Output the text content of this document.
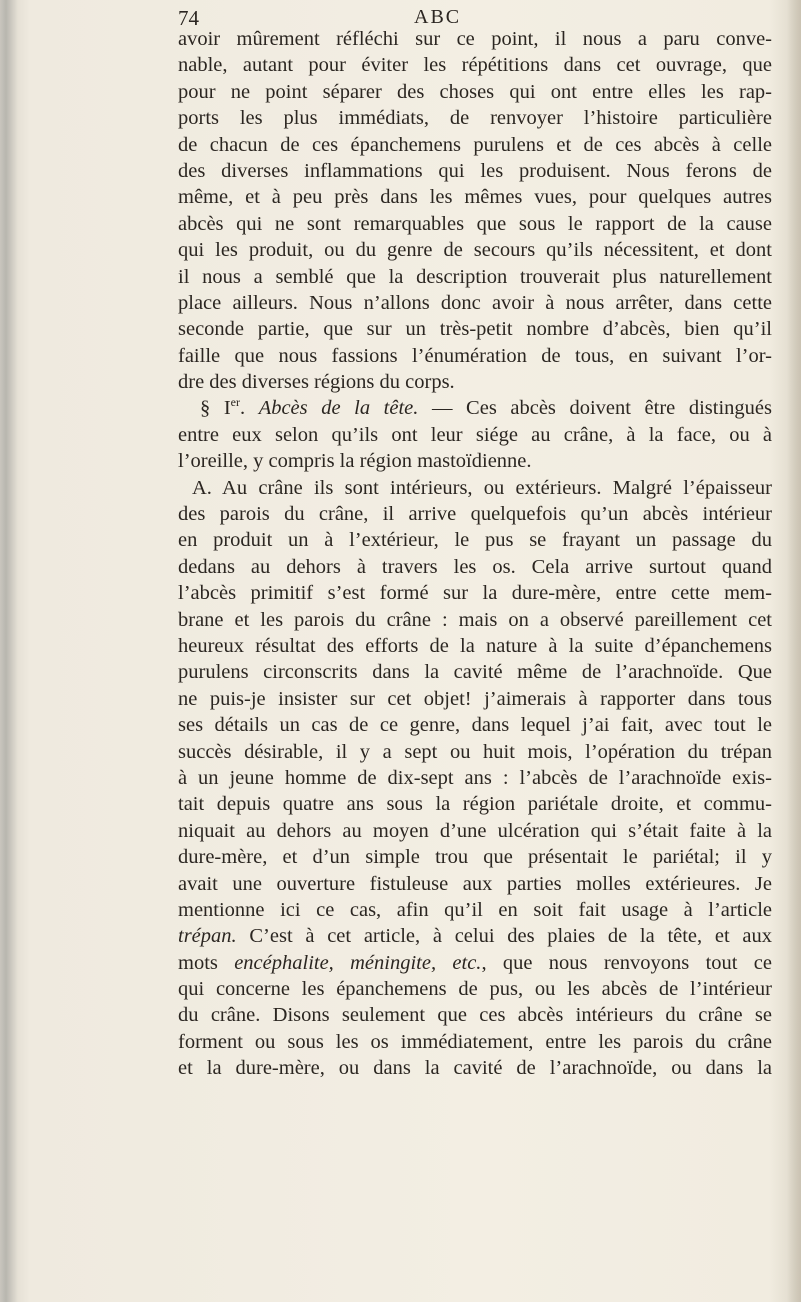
74	ABC
avoir mûrement réfléchi sur ce point, il nous a paru conve-
nable, autant pour éviter les répétitions dans cet ouvrage, que
pour ne point séparer des choses qui ont entre elles les rap-
ports les plus immédiats, de renvoyer l’histoire particulière
de chacun de ces épanchemens purulens et de ces abcès à celle
des diverses inflammations qui les produisent. Nous ferons de
même, et à peu près dans les mêmes vues, pour quelques autres
abcès qui ne sont remarquables que sous le rapport de la cause
qui les produit, ou du genre de secours qu’ils nécessitent, et dont
il nous a semblé que la description trouverait plus naturellement
place ailleurs. Nous n’allons donc avoir à nous arrêter, dans cette
seconde partie, que sur un très-petit nombre d’abcès, bien qu’il
faille que nous fassions l’énumération de tous, en suivant l’or-
dre des diverses régions du corps.
§ Ier. Abcès de la tête. — Ces abcès doivent être distingués
entre eux selon qu’ils ont leur siége au crâne, à la face, ou à
l’oreille, y compris la région mastoïdienne.
A. Au crâne ils sont intérieurs, ou extérieurs. Malgré l’épaisseur
des parois du crâne, il arrive quelquefois qu’un abcès intérieur
en produit un à l’extérieur, le pus se frayant un passage du
dedans au dehors à travers les os. Cela arrive surtout quand
l’abcès primitif s’est formé sur la dure-mère, entre cette mem-
brane et les parois du crâne : mais on a observé pareillement cet
heureux résultat des efforts de la nature à la suite d’épanchemens
purulens circonscrits dans la cavité même de l’arachnoïde. Que
ne puis-je insister sur cet objet! j’aimerais à rapporter dans tous
ses détails un cas de ce genre, dans lequel j’ai fait, avec tout le
succès désirable, il y a sept ou huit mois, l’opération du trépan
à un jeune homme de dix-sept ans : l’abcès de l’arachnoïde exis-
tait depuis quatre ans sous la région pariétale droite, et commu-
niquait au dehors au moyen d’une ulcération qui s’était faite à la
dure-mère, et d’un simple trou que présentait le pariétal; il y
avait une ouverture fistuleuse aux parties molles extérieures. Je
mentionne ici ce cas, afin qu’il en soit fait usage à l’article
trépan. C’est à cet article, à celui des plaies de la tête, et aux
mots encéphalite, méningite, etc., que nous renvoyons tout ce
qui concerne les épanchemens de pus, ou les abcès de l’intérieur
du crâne. Disons seulement que ces abcès intérieurs du crâne se
forment ou sous les os immédiatement, entre les parois du crâne
et la dure-mère, ou dans la cavité de l’arachnoïde, ou dans la
